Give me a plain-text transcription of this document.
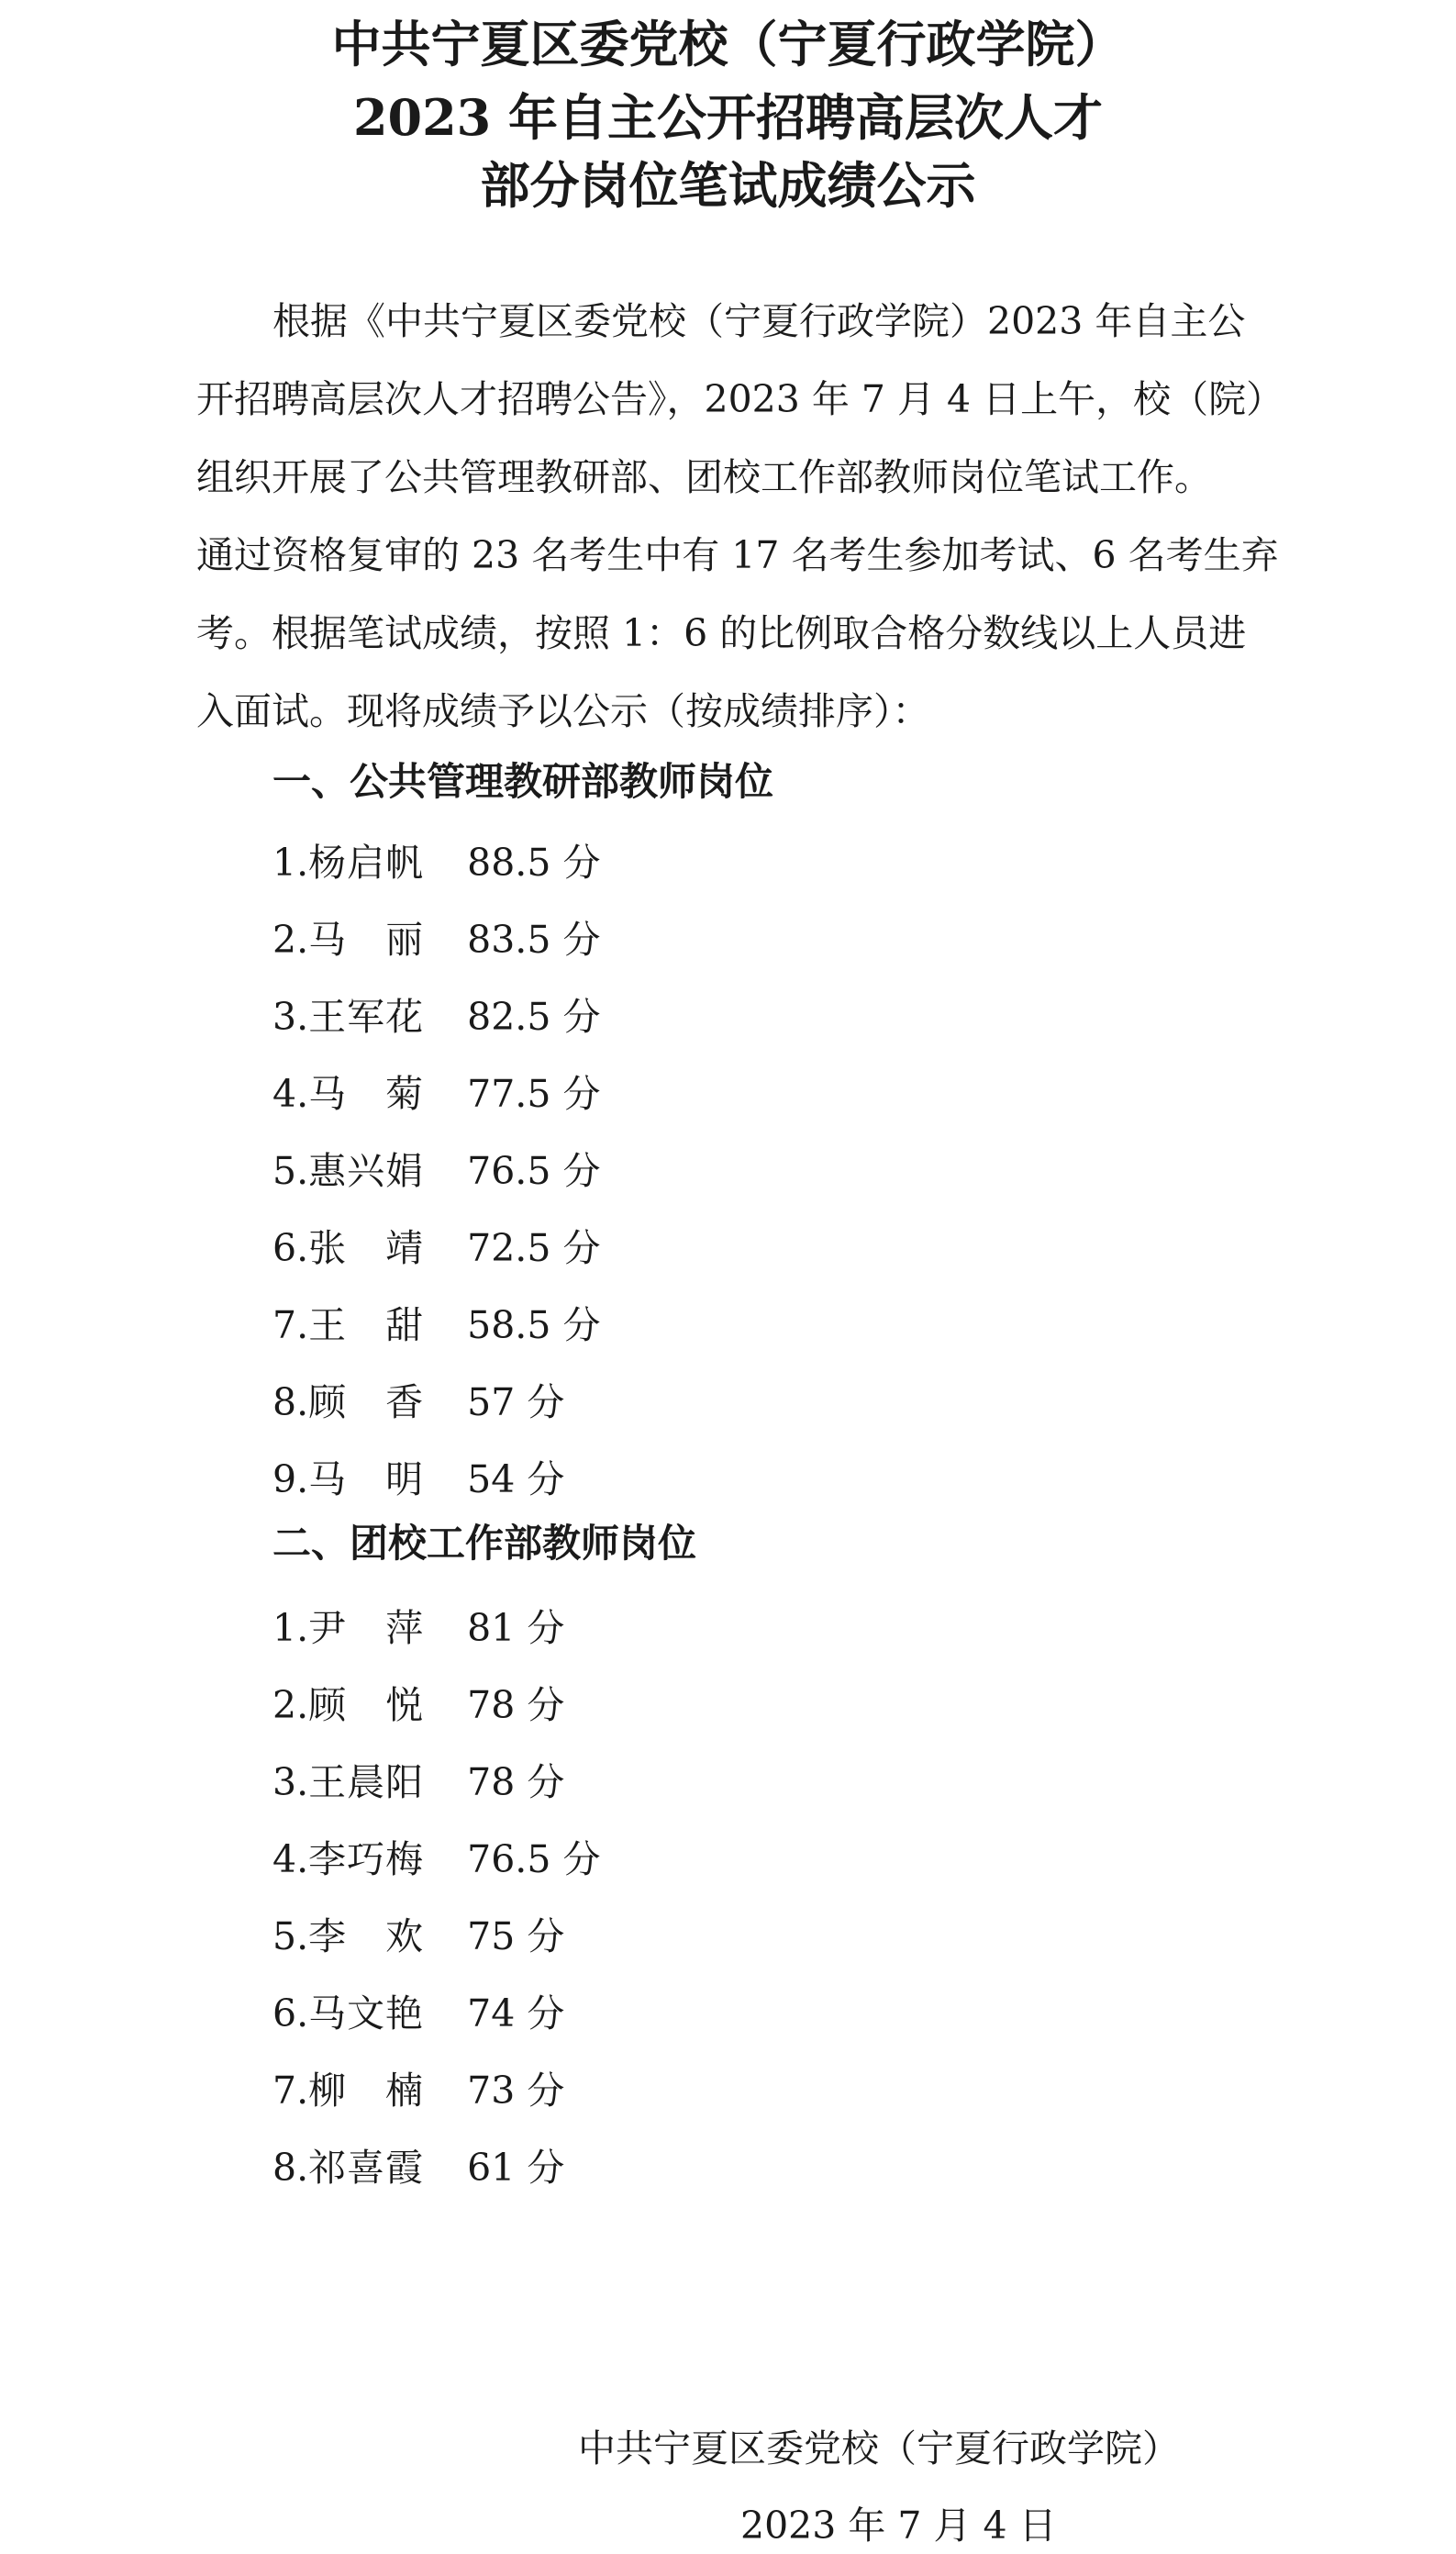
中共宁夏区委党校（宁夏行政学院）
2023 年自主公开招聘高层次人才
部分岗位笔试成绩公示
根据《中共宁夏区委党校（宁夏行政学院）2023 年自主公
开招聘高层次人才招聘公告》，2023 年 7 月 4 日上午，校（院）
组织开展了公共管理教研部、团校工作部教师岗位笔试工作。
通过资格复审的 23 名考生中有 17 名考生参加考试、6 名考生弃
考。根据笔试成绩，按照 1：6 的比例取合格分数线以上人员进
入面试。现将成绩予以公示（按成绩排序）：
一、公共管理教研部教师岗位
1.杨启帆 88.5 分
2.马丽 83.5 分
3.王军花 82.5 分
4.马菊 77.5 分
5.惠兴娟 76.5 分
6.张靖 72.5 分
7.王甜 58.5 分
8.顾香 57 分
9.马明 54 分
二、团校工作部教师岗位
1.尹萍 81 分
2.顾悦 78 分
3.王晨阳 78 分
4.李巧梅 76.5 分
5.李欢 75 分
6.马文艳 74 分
7.柳楠 73 分
8.祁喜霞 61 分
中共宁夏区委党校（宁夏行政学院）
2023 年 7 月 4 日
